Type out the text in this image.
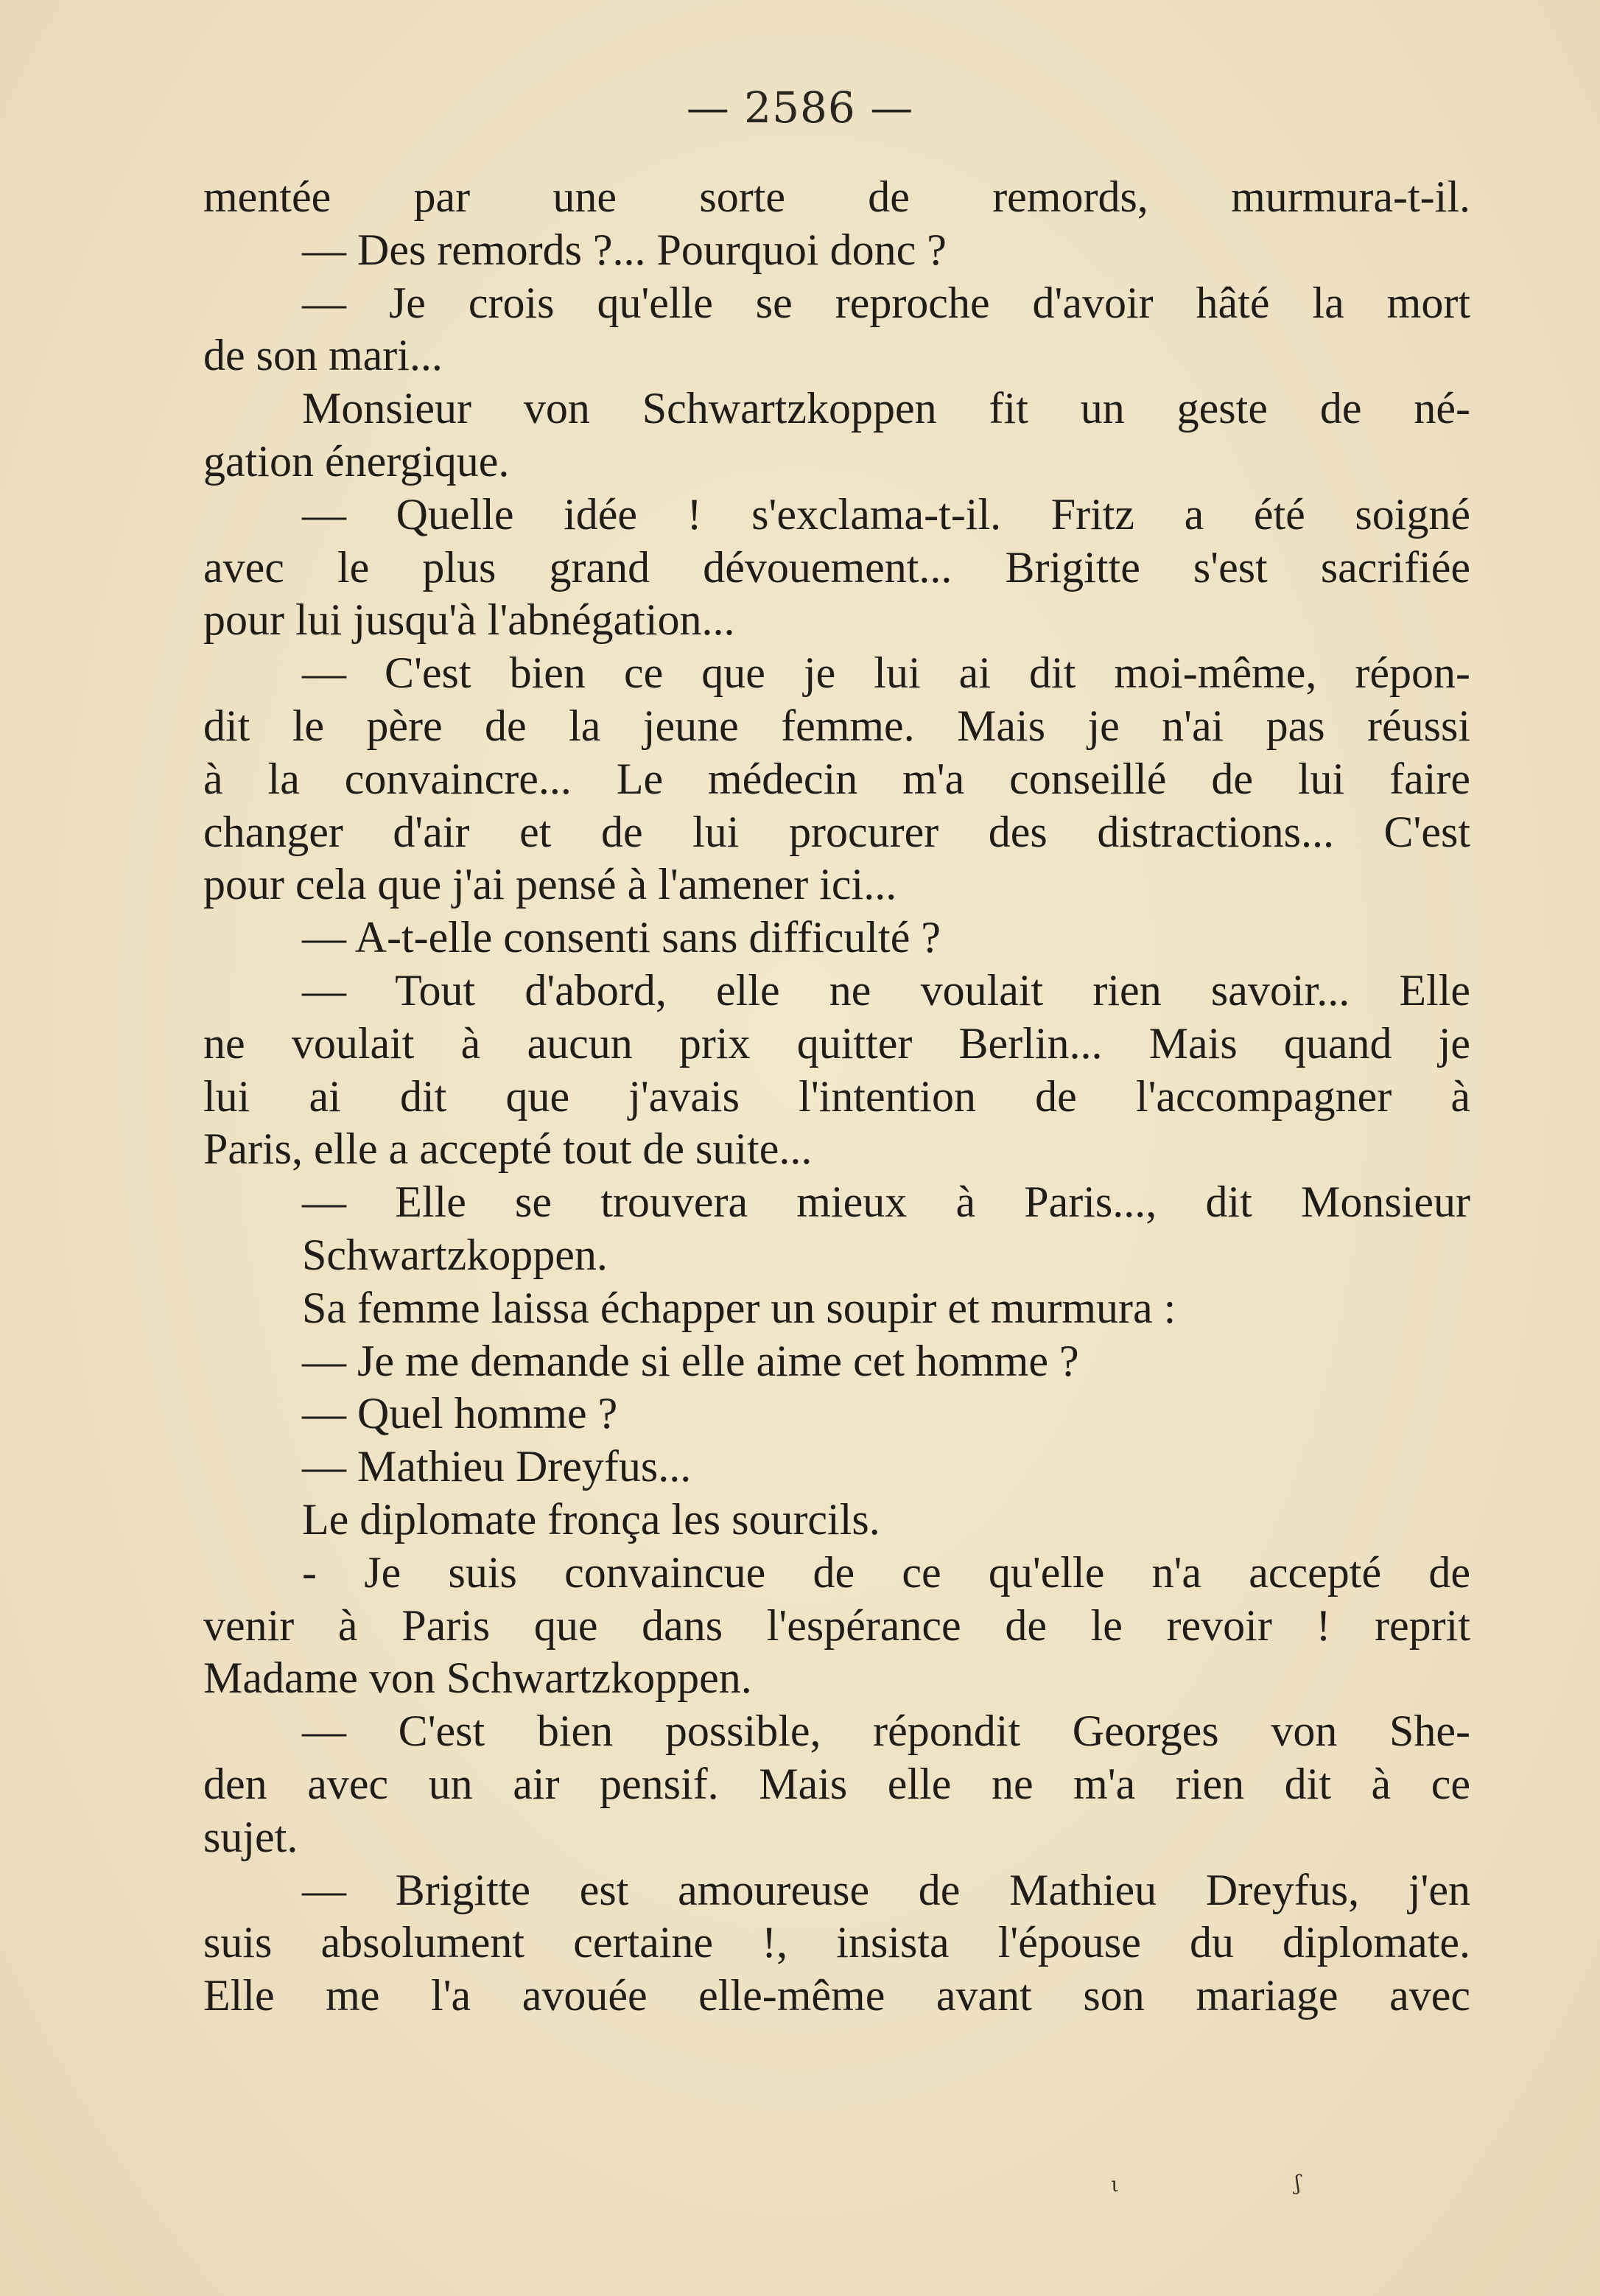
— 2586 —
mentée par une sorte de remords, murmura-t-il.
— Des remords ?... Pourquoi donc ?
— Je crois qu'elle se reproche d'avoir hâté la mort
de son mari...
Monsieur von Schwartzkoppen fit un geste de né-
gation énergique.
— Quelle idée ! s'exclama-t-il. Fritz a été soigné
avec le plus grand dévouement... Brigitte s'est sacrifiée
pour lui jusqu'à l'abnégation...
— C'est bien ce que je lui ai dit moi-même, répon-
dit le père de la jeune femme. Mais je n'ai pas réussi
à la convaincre... Le médecin m'a conseillé de lui faire
changer d'air et de lui procurer des distractions... C'est
pour cela que j'ai pensé à l'amener ici...
— A-t-elle consenti sans difficulté ?
— Tout d'abord, elle ne voulait rien savoir... Elle
ne voulait à aucun prix quitter Berlin... Mais quand je
lui ai dit que j'avais l'intention de l'accompagner à
Paris, elle a accepté tout de suite...
— Elle se trouvera mieux à Paris..., dit Monsieur
Schwartzkoppen.
Sa femme laissa échapper un soupir et murmura :
— Je me demande si elle aime cet homme ?
— Quel homme ?
— Mathieu Dreyfus...
Le diplomate fronça les sourcils.
- Je suis convaincue de ce qu'elle n'a accepté de
venir à Paris que dans l'espérance de le revoir ! reprit
Madame von Schwartzkoppen.
— C'est bien possible, répondit Georges von She-
den avec un air pensif. Mais elle ne m'a rien dit à ce
sujet.
— Brigitte est amoureuse de Mathieu Dreyfus, j'en
suis absolument certaine !, insista l'épouse du diplomate.
Elle me l'a avouée elle-même avant son mariage avec
ι	ʃ
